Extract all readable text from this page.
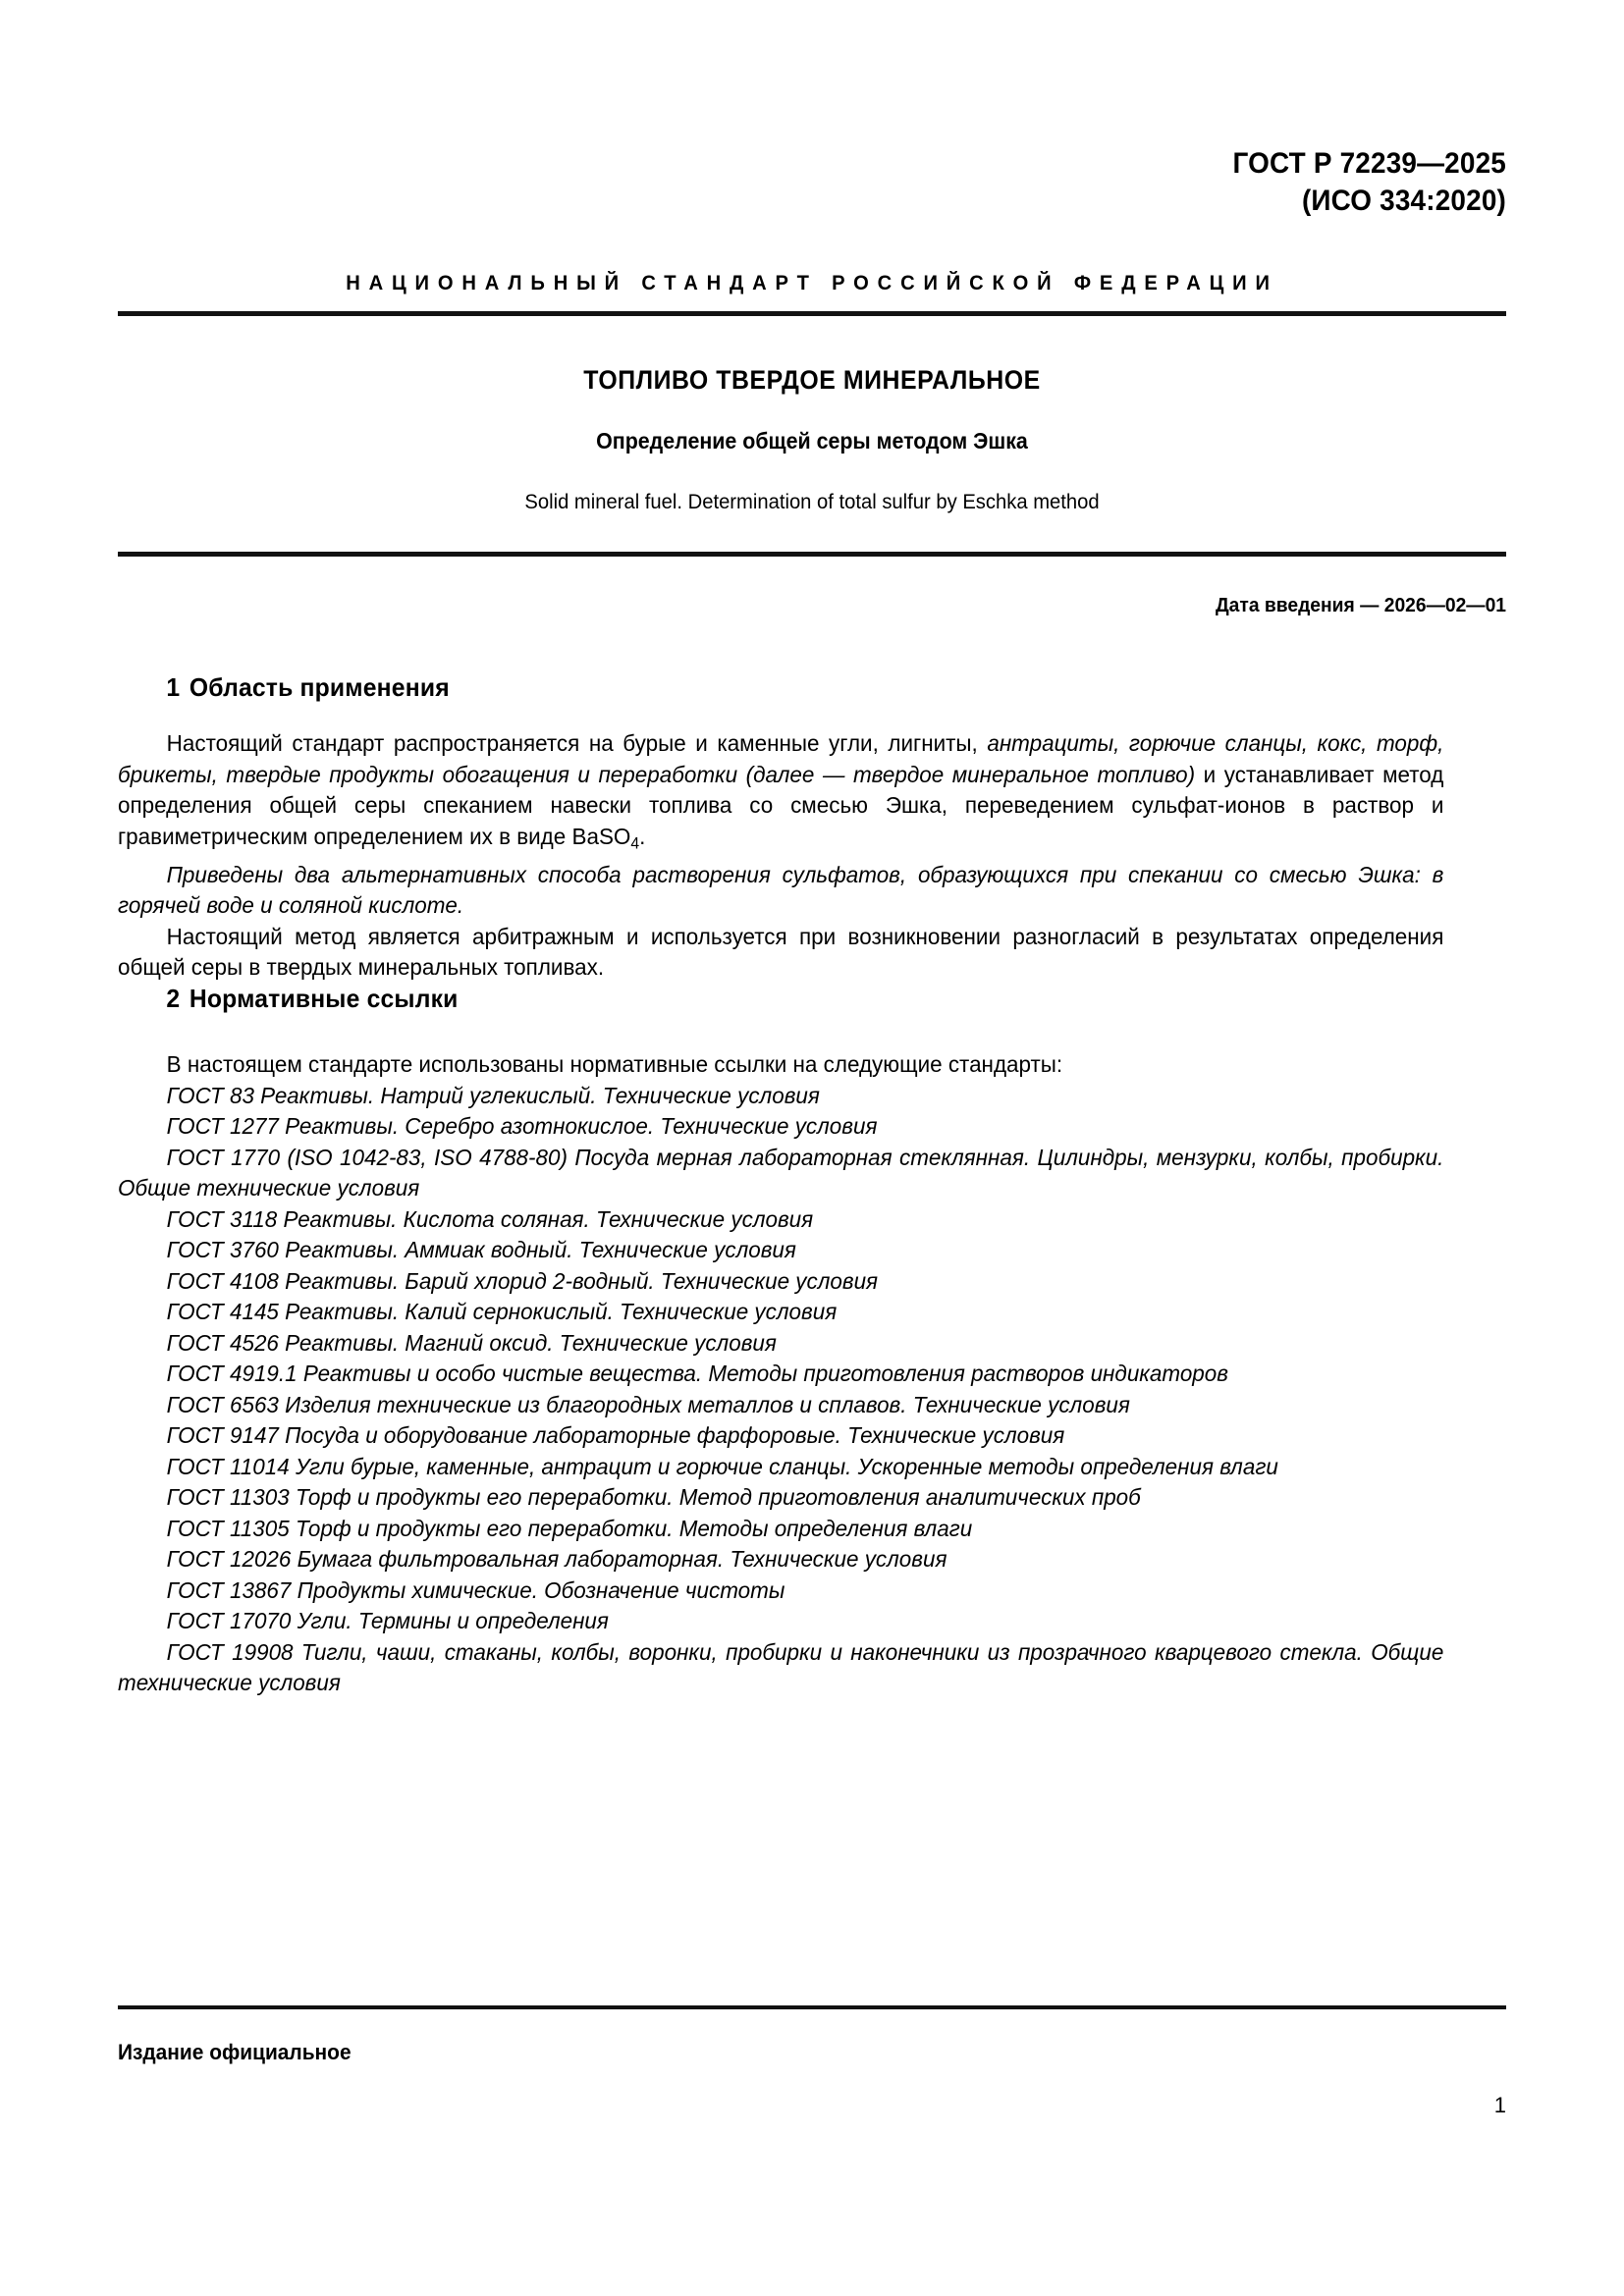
ГОСТ Р 72239—2025
(ИСО 334:2020)
НАЦИОНАЛЬНЫЙ СТАНДАРТ РОССИЙСКОЙ ФЕДЕРАЦИИ
ТОПЛИВО ТВЕРДОЕ МИНЕРАЛЬНОЕ
Определение общей серы методом Эшка
Solid mineral fuel. Determination of total sulfur by Eschka method
Дата введения — 2026—02—01
1 Область применения

Настоящий стандарт распространяется на бурые и каменные угли, лигниты, антрациты, горючие сланцы, кокс, торф, брикеты, твердые продукты обогащения и переработки (далее — твердое минеральное топливо) и устанавливает метод определения общей серы спеканием навески топлива со смесью Эшка, переведением сульфат-ионов в раствор и гравиметрическим определением их в виде BaSO$_4$.

Приведены два альтернативных способа растворения сульфатов, образующихся при спекании со смесью Эшка: в горячей воде и соляной кислоте.

Настоящий метод является арбитражным и используется при возникновении разногласий в результатах определения общей серы в твердых минеральных топливах.

2 Нормативные ссылки

В настоящем стандарте использованы нормативные ссылки на следующие стандарты:

ГОСТ 83 Реактивы. Натрий углекислый. Технические условия
ГОСТ 1277 Реактивы. Серебро азотнокислое. Технические условия
ГОСТ 1770 (ISO 1042-83, ISO 4788-80) Посуда мерная лабораторная стеклянная. Цилиндры, мензурки, колбы, пробирки. Общие технические условия
ГОСТ 3118 Реактивы. Кислота соляная. Технические условия
ГОСТ 3760 Реактивы. Аммиак водный. Технические условия
ГОСТ 4108 Реактивы. Барий хлорид 2-водный. Технические условия
ГОСТ 4145 Реактивы. Калий сернокислый. Технические условия
ГОСТ 4526 Реактивы. Магний оксид. Технические условия
ГОСТ 4919.1 Реактивы и особо чистые вещества. Методы приготовления растворов индикаторов
ГОСТ 6563 Изделия технические из благородных металлов и сплавов. Технические условия
ГОСТ 9147 Посуда и оборудование лабораторные фарфоровые. Технические условия
ГОСТ 11014 Угли бурые, каменные, антрацит и горючие сланцы. Ускоренные методы определения влаги
ГОСТ 11303 Торф и продукты его переработки. Метод приготовления аналитических проб
ГОСТ 11305 Торф и продукты его переработки. Методы определения влаги
ГОСТ 12026 Бумага фильтровальная лабораторная. Технические условия
ГОСТ 13867 Продукты химические. Обозначение чистоты
ГОСТ 17070 Угли. Термины и определения
ГОСТ 19908 Тигли, чаши, стаканы, колбы, воронки, пробирки и наконечники из прозрачного кварцевого стекла. Общие технические условия
Издание официальное
1
